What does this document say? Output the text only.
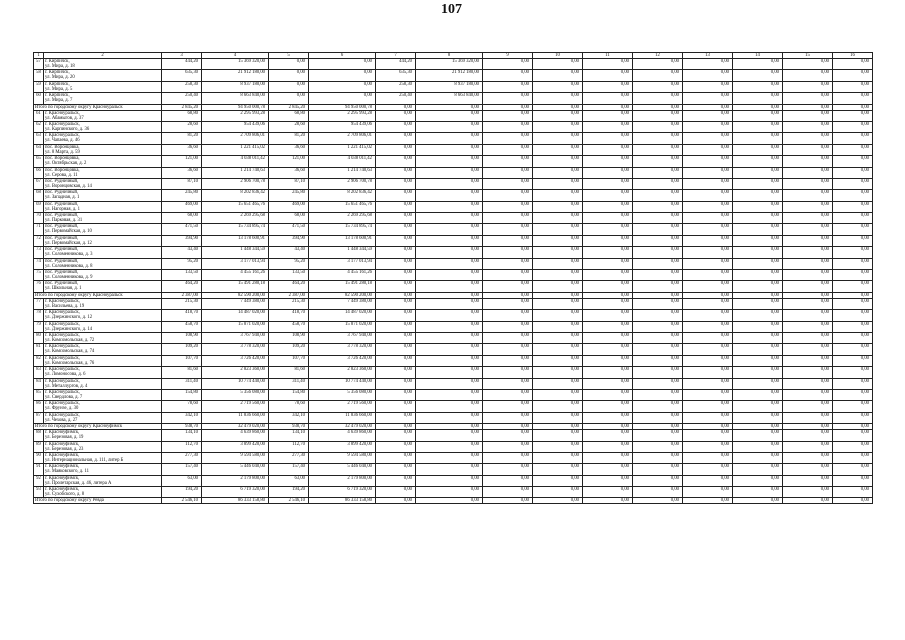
107
1	2	3	4	5	6	7	8	9	10	11	12	13	14	15	16
57	г. Кирпичск,
ул. Мира, д. 18	444,20	15 369 320,00	0,00	0,00	444,20	15 369 320,00	0,00	0,00	0,00	0,00	0,00	0,00	0,00	0,00
58	г. Кирпичск,
ул. Мира, д. 20	635,30	21 912 180,00	0,00	0,00	635,30	21 912 180,00	0,00	0,00	0,00	0,00	0,00	0,00	0,00	0,00
59	г. Кирпичск,
ул. Мира, д. 5	258,30	8 937 180,00	0,00	0,00	258,30	8 937 180,00	0,00	0,00	0,00	0,00	0,00	0,00	0,00	0,00
60	г. Кирпичск,
ул. Мира, д. 7	250,40	8 663 840,00	0,00	0,00	250,40	8 663 840,00	0,00	0,00	0,00	0,00	0,00	0,00	0,00	0,00
Итого по городскому округу Красноуральск		2 845,20	94 950 000,78	2 845,20	94 950 000,78	0,00	0,00	0,00	0,00	0,00	0,00	0,00	0,00	0,00	0,00
61	г. Красноуральск,
ул. Абамыгов, д. 37	68,80	2 295 993,28	68,80	2 295 993,28	0,00	0,00	0,00	0,00	0,00	0,00	0,00	0,00	0,00	0,00
62	г. Красноуральск,
ул. Карпинского, д. 36	28,60	954 439,06	28,60	954 439,06	0,00	0,00	0,00	0,00	0,00	0,00	0,00	0,00	0,00	0,00
63	г. Красноуральск,
ул. Чапаева, д. 46	81,20	2 709 806,01	81,20	2 709 806,01	0,00	0,00	0,00	0,00	0,00	0,00	0,00	0,00	0,00	0,00
64	пос. Воронцовка,
ул. 8 Марта, д. 59	36,60	1 221 415,02	36,60	1 221 415,02	0,00	0,00	0,00	0,00	0,00	0,00	0,00	0,00	0,00	0,00
65	пос. Воронцовка,
ул. Октябрьская, д. 2	121,00	4 038 011,42	121,00	4 038 011,42	0,00	0,00	0,00	0,00	0,00	0,00	0,00	0,00	0,00	0,00
66	пос. Воронцовка,
ул. Серова, д. 11	36,60	1 214 740,63	36,60	1 214 740,63	0,00	0,00	0,00	0,00	0,00	0,00	0,00	0,00	0,00	0,00
67	пос. Рудничный,
ул. Воронцовская, д. 14	87,10	2 906 700,78	87,10	2 906 700,78	0,00	0,00	0,00	0,00	0,00	0,00	0,00	0,00	0,00	0,00
68	пос. Рудничный,
ул. Западная, д. 1	245,80	8 202 836,42	245,80	8 202 836,42	0,00	0,00	0,00	0,00	0,00	0,00	0,00	0,00	0,00	0,00
69	пос. Рудничный,
ул. Нагорная, д. 1	469,00	15 651 465,76	469,00	15 651 465,76	0,00	0,00	0,00	0,00	0,00	0,00	0,00	0,00	0,00	0,00
70	пос. Рудничный,
ул. Парковая, д. 31	68,00	2 269 295,68	68,00	2 269 295,68	0,00	0,00	0,00	0,00	0,00	0,00	0,00	0,00	0,00	0,00
71	пос. Рудничный,
ул. Первомайская, д. 10	471,50	15 734 895,74	471,50	15 734 895,74	0,00	0,00	0,00	0,00	0,00	0,00	0,00	0,00	0,00	0,00
72	пос. Рудничный,
ул. Первомайская, д. 12	394,90	13 178 600,91	394,90	13 178 600,91	0,00	0,00	0,00	0,00	0,00	0,00	0,00	0,00	0,00	0,00
73	пос. Рудничный,
ул. Соломенникова, д. 3	43,40	1 448 344,59	43,40	1 448 344,59	0,00	0,00	0,00	0,00	0,00	0,00	0,00	0,00	0,00	0,00
74	пос. Рудничный,
ул. Соломенникова, д. 8	95,20	3 177 013,94	95,20	3 177 013,94	0,00	0,00	0,00	0,00	0,00	0,00	0,00	0,00	0,00	0,00
75	пос. Рудничный,
ул. Соломенникова, д. 9	133,50	4 455 161,26	133,50	4 455 161,26	0,00	0,00	0,00	0,00	0,00	0,00	0,00	0,00	0,00	0,00
76	пос. Рудничный,
ул. Школьная, д. 1	464,20	15 491 280,18	464,20	15 491 280,18	0,00	0,00	0,00	0,00	0,00	0,00	0,00	0,00	0,00	0,00
Итого по городскому округу Красноуральск		2 387,00	82 590 200,00	2 387,00	82 590 200,00	0,00	0,00	0,00	0,00	0,00	0,00	0,00	0,00	0,00	0,00
77	г. Красноуральск,
ул. Васильева, д. 19	215,30	7 449 380,00	215,30	7 449 380,00	0,00	0,00	0,00	0,00	0,00	0,00	0,00	0,00	0,00	0,00
78	г. Красноуральск,
ул. Дзержинского, д. 12	418,70	14 487 020,00	418,70	14 487 020,00	0,00	0,00	0,00	0,00	0,00	0,00	0,00	0,00	0,00	0,00
79	г. Красноуральск,
ул. Дзержинского, д. 14	458,70	15 871 020,00	458,70	15 871 020,00	0,00	0,00	0,00	0,00	0,00	0,00	0,00	0,00	0,00	0,00
80	г. Красноуральск,
ул. Комсомольская, д. 72	108,90	3 767 940,00	108,90	3 767 940,00	0,00	0,00	0,00	0,00	0,00	0,00	0,00	0,00	0,00	0,00
81	г. Красноуральск,
ул. Комсомольская, д. 74	109,20	3 778 320,00	109,20	3 778 320,00	0,00	0,00	0,00	0,00	0,00	0,00	0,00	0,00	0,00	0,00
82	г. Красноуральск,
ул. Комсомольская, д. 76	107,70	3 726 420,00	107,70	3 726 420,00	0,00	0,00	0,00	0,00	0,00	0,00	0,00	0,00	0,00	0,00
83	г. Красноуральск,
ул. Ломоносова, д. 6	81,60	2 823 360,00	81,60	2 823 360,00	0,00	0,00	0,00	0,00	0,00	0,00	0,00	0,00	0,00	0,00
84	г. Красноуральск,
ул. Металлургов, д. 4	311,40	10 774 440,00	311,40	10 774 440,00	0,00	0,00	0,00	0,00	0,00	0,00	0,00	0,00	0,00	0,00
85	г. Красноуральск,
ул. Свердлова, д. 7	154,80	5 356 080,00	154,80	5 356 080,00	0,00	0,00	0,00	0,00	0,00	0,00	0,00	0,00	0,00	0,00
86	г. Красноуральск,
ул. Фрунзе, д. 30	78,60	2 719 560,00	78,60	2 719 560,00	0,00	0,00	0,00	0,00	0,00	0,00	0,00	0,00	0,00	0,00
87	г. Красноуральск,
ул. Чехова, д. 27	342,10	11 836 660,00	342,10	11 836 660,00	0,00	0,00	0,00	0,00	0,00	0,00	0,00	0,00	0,00	0,00
Итого по городскому округу Красноуфимск		938,70	32 479 020,00	938,70	32 479 020,00	0,00	0,00	0,00	0,00	0,00	0,00	0,00	0,00	0,00	0,00
88	г. Красноуфимск,
ул. Березовая, д. 19	134,10	4 639 860,00	134,10	4 639 860,00	0,00	0,00	0,00	0,00	0,00	0,00	0,00	0,00	0,00	0,00
89	г. Красноуфимск,
ул. Березовая, д. 23	112,70	3 899 420,00	112,70	3 899 420,00	0,00	0,00	0,00	0,00	0,00	0,00	0,00	0,00	0,00	0,00
90	г. Красноуфимск,
ул. Интернациональная, д. 111, литер Б	277,30	9 594 580,00	277,30	9 594 580,00	0,00	0,00	0,00	0,00	0,00	0,00	0,00	0,00	0,00	0,00
91	г. Красноуфимск,
ул. Маяковского, д. 11	157,40	5 446 040,00	157,40	5 446 040,00	0,00	0,00	0,00	0,00	0,00	0,00	0,00	0,00	0,00	0,00
92	г. Красноуфимск,
ул. Пролетарская, д. 46, литера А	63,00	2 179 800,00	63,00	2 179 800,00	0,00	0,00	0,00	0,00	0,00	0,00	0,00	0,00	0,00	0,00
93	г. Красноуфимск,
ул. Сухобского, д. 8	194,20	6 719 320,00	194,20	6 719 320,00	0,00	0,00	0,00	0,00	0,00	0,00	0,00	0,00	0,00	0,00
Итого по городскому округу Ревда		2 546,10	86 333 158,80	2 546,10	86 333 158,80	0,00	0,00	0,00	0,00	0,00	0,00	0,00	0,00	0,00	0,00
